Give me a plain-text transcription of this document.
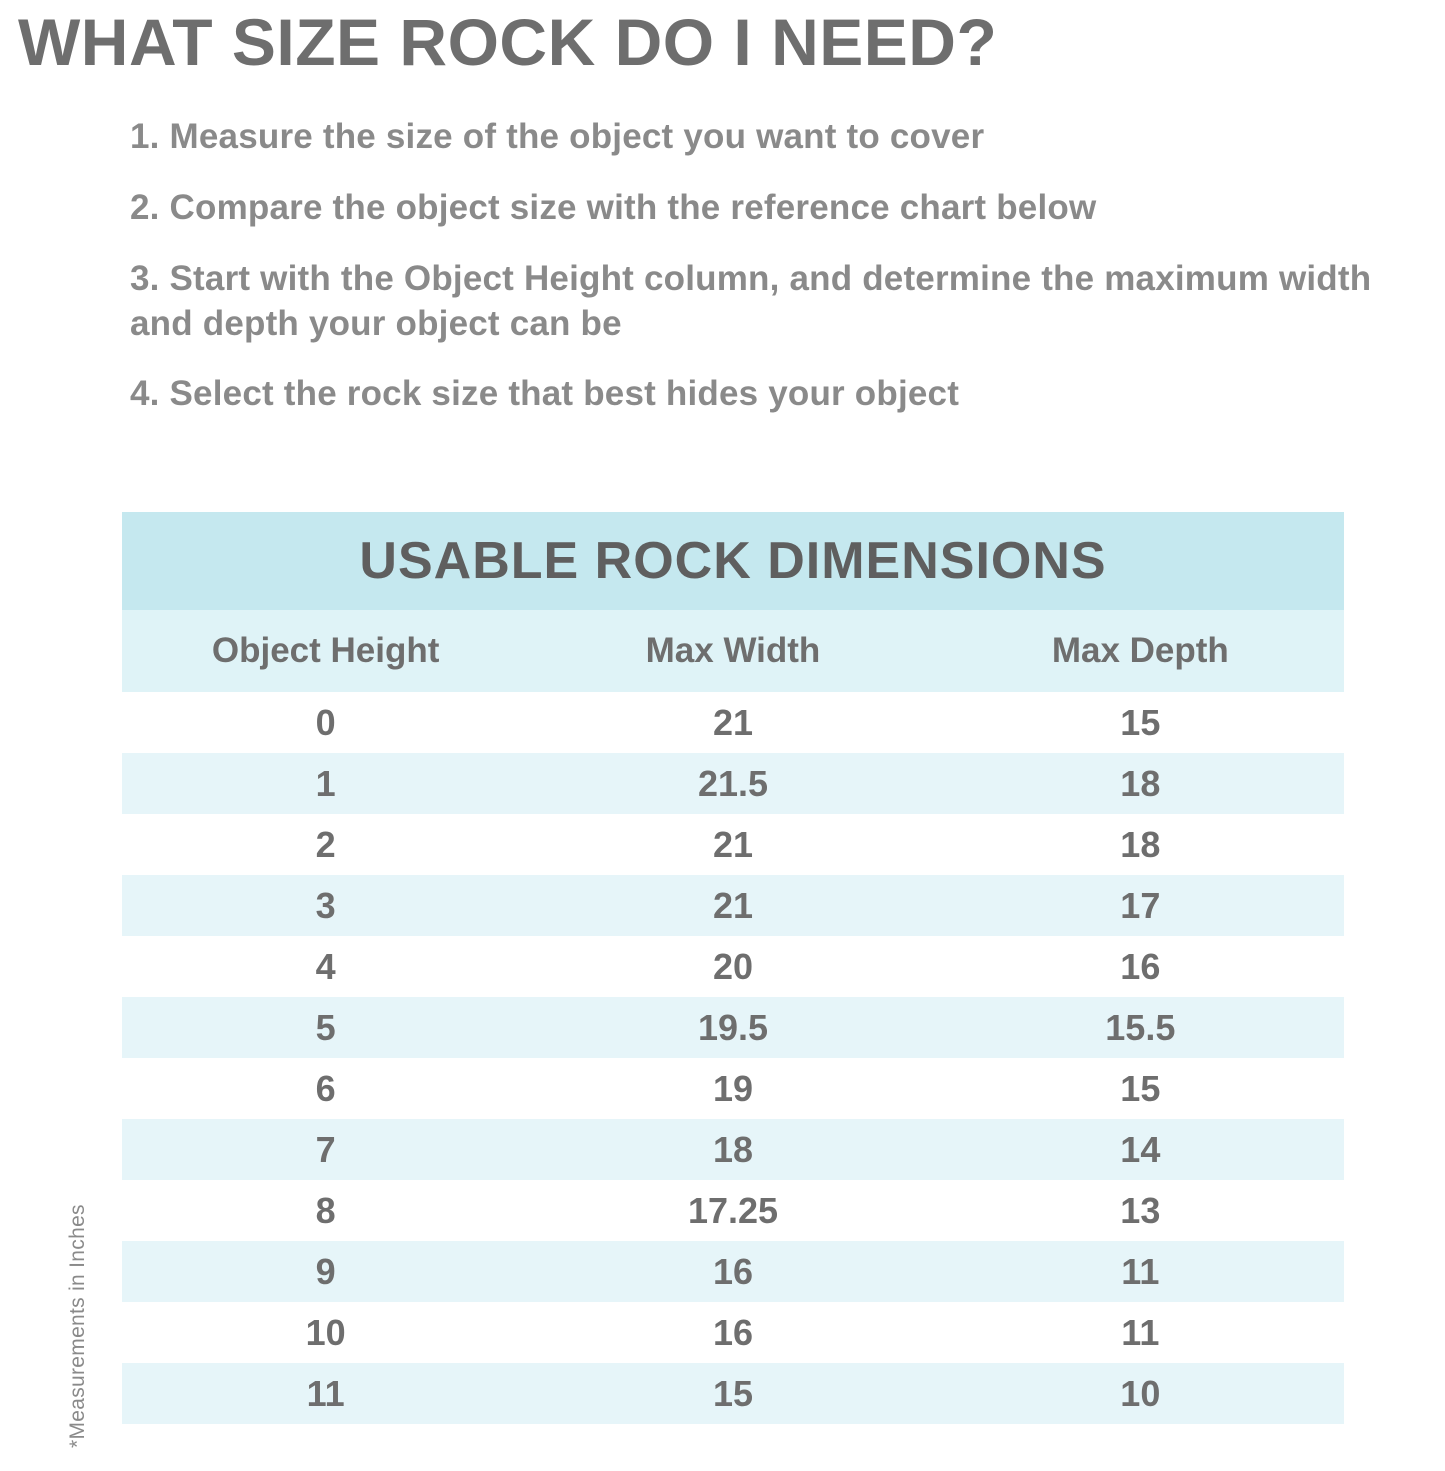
WHAT SIZE ROCK DO I NEED?
1. Measure the size of the object you want to cover
2. Compare the object size with the reference chart below
3. Start with the Object Height column, and determine the maximum width and depth your object can be
4. Select the rock size that best hides your object
USABLE ROCK DIMENSIONS		
Object Height	Max Width	Max Depth
0	21	15
1	21.5	18
2	21	18
3	21	17
4	20	16
5	19.5	15.5
6	19	15
7	18	14
8	17.25	13
9	16	11
10	16	11
11	15	10
*Measurements in Inches
